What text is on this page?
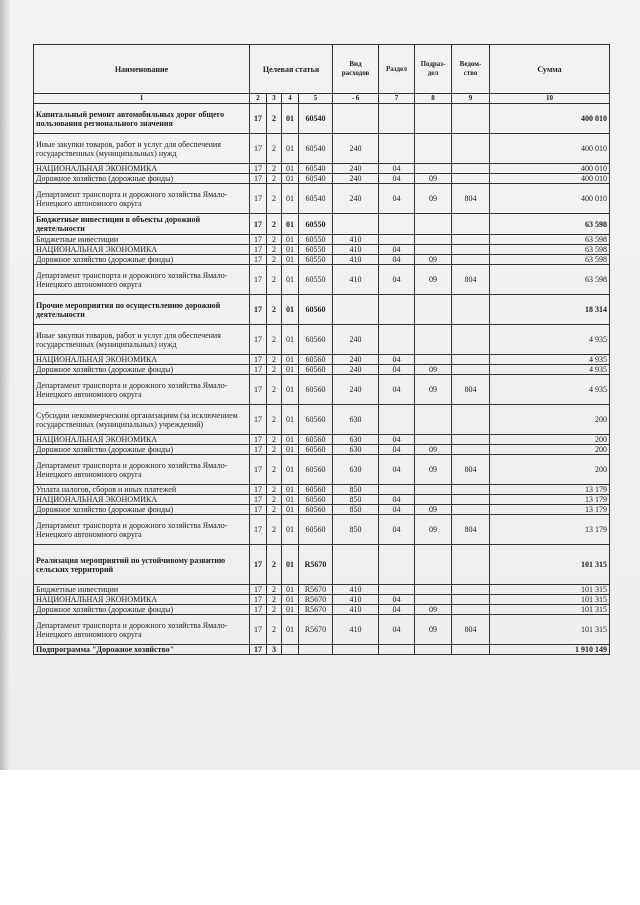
Наименование	Целевая статья				Вид расходов	Раздел	Подраз-дел	Ведом-ство	Сумма
1	2	3	4	5	- 6	7	8	9	10
Капитальный ремонт автомобильных дорог общего пользования регионального значения	17	2	01	60540					400 010
Иные закупки товаров, работ и услуг для обеспечения государственных (муниципальных) нужд	17	2	01	60540	240				400 010
НАЦИОНАЛЬНАЯ ЭКОНОМИКА	17	2	01	60540	240	04			400 010
Дорожное хозяйство (дорожные фонды)	17	2	01	60540	240	04	09		400 010
Департамент транспорта и дорожного хозяйства Ямало-Ненецкого автономного округа	17	2	01	60540	240	04	09	804	400 010
Бюджетные инвестиции в объекты дорожной деятельности	17	2	01	60550					63 598
Бюджетные инвестиции	17	2	01	60550	410				63 598
НАЦИОНАЛЬНАЯ ЭКОНОМИКА	17	2	01	60550	410	04			63 598
Дорожное хозяйство (дорожные фонды)	17	2	01	60550	410	04	09		63 598
Департамент транспорта и дорожного хозяйства Ямало-Ненецкого автономного округа	17	2	01	60550	410	04	09	804	63 598
Прочие мероприятия по осуществлению дорожной деятельности	17	2	01	60560					18 314
Иные закупки товаров, работ и услуг для обеспечения государственных (муниципальных) нужд	17	2	01	60560	240				4 935
НАЦИОНАЛЬНАЯ ЭКОНОМИКА	17	2	01	60560	240	04			4 935
Дорожное хозяйство (дорожные фонды)	17	2	01	60560	240	04	09		4 935
Департамент транспорта и дорожного хозяйства Ямало-Ненецкого автономного округа	17	2	01	60560	240	04	09	804	4 935
Субсидии некоммерческим организациям (за исключением государственных (муниципальных) учреждений)	17	2	01	60560	630				200
НАЦИОНАЛЬНАЯ ЭКОНОМИКА	17	2	01	60560	630	04			200
Дорожное хозяйство (дорожные фонды)	17	2	01	60560	630	04	09		200
Департамент транспорта и дорожного хозяйства Ямало-Ненецкого автономного округа	17	2	01	60560	630	04	09	804	200
Уплата налогов, сборов и иных платежей	17	2	01	60560	850				13 179
НАЦИОНАЛЬНАЯ ЭКОНОМИКА	17	2	01	60560	850	04			13 179
Дорожное хозяйство (дорожные фонды)	17	2	01	60560	850	04	09		13 179
Департамент транспорта и дорожного хозяйства Ямало-Ненецкого автономного округа	17	2	01	60560	850	04	09	804	13 179
Реализация мероприятий по устойчивому развитию сельских территорий	17	2	01	R5670					101 315
Бюджетные инвестиции	17	2	01	R5670	410				101 315
НАЦИОНАЛЬНАЯ ЭКОНОМИКА	17	2	01	R5670	410	04			101 315
Дорожное хозяйство (дорожные фонды)	17	2	01	R5670	410	04	09		101 315
Департамент транспорта и дорожного хозяйства Ямало-Ненецкого автономного округа	17	2	01	R5670	410	04	09	804	101 315
Подпрограмма "Дорожное хозяйство"	17	3							1 910 149
